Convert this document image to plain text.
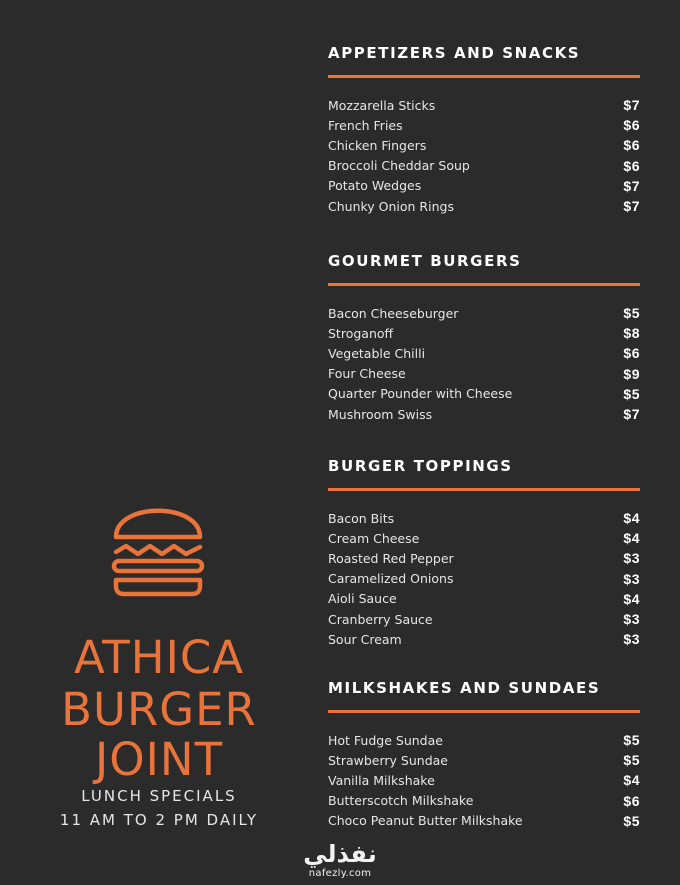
ATHICA
BURGER
JOINT
LUNCH SPECIALS
11 AM TO 2 PM DAILY
APPETIZERS AND SNACKS
Mozzarella Sticks	$7
French Fries	$6
Chicken Fingers	$6
Broccoli Cheddar Soup	$6
Potato Wedges	$7
Chunky Onion Rings	$7
GOURMET BURGERS
Bacon Cheeseburger	$5
Stroganoff	$8
Vegetable Chilli	$6
Four Cheese	$9
Quarter Pounder with Cheese	$5
Mushroom Swiss	$7
BURGER TOPPINGS
Bacon Bits	$4
Cream Cheese	$4
Roasted Red Pepper	$3
Caramelized Onions	$3
Aioli Sauce	$4
Cranberry Sauce	$3
Sour Cream	$3
MILKSHAKES AND SUNDAES
Hot Fudge Sundae	$5
Strawberry Sundae	$5
Vanilla Milkshake	$4
Butterscotch Milkshake	$6
Choco Peanut Butter Milkshake	$5
نفذلي
nafezly.com
